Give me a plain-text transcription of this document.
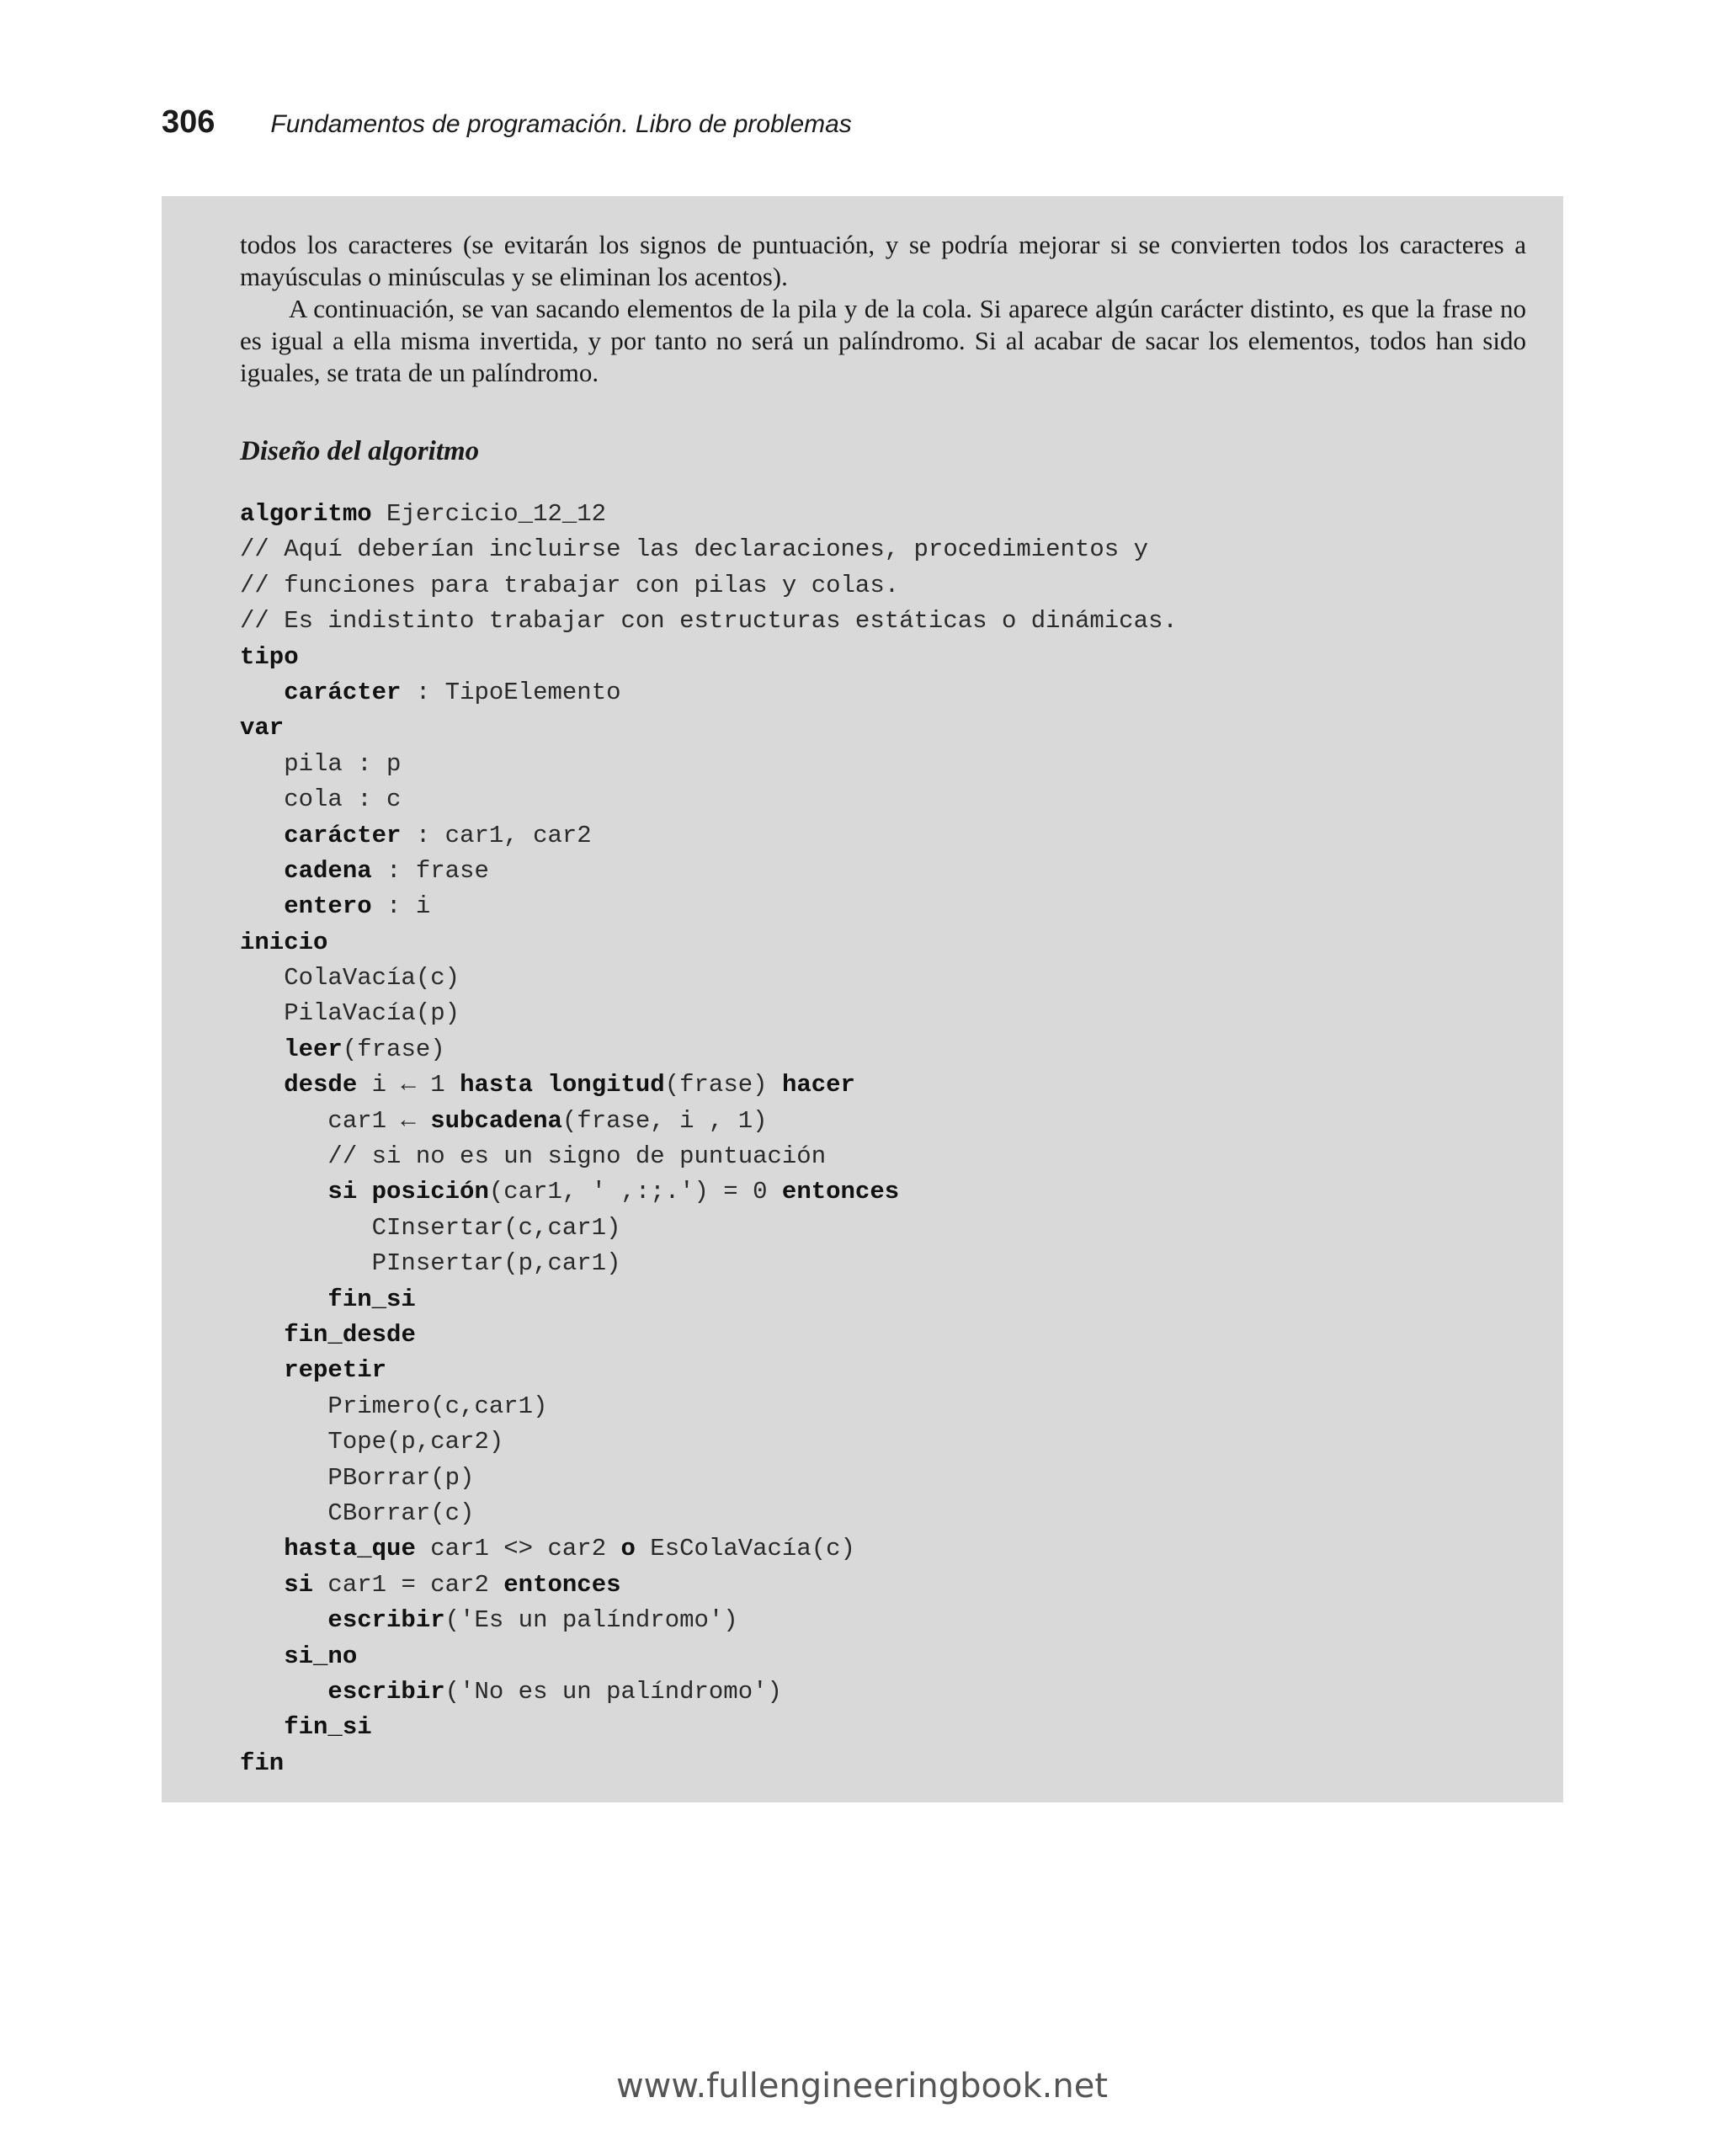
306 Fundamentos de programación. Libro de problemas

todos los caracteres (se evitarán los signos de puntuación, y se podría mejorar si se convierten todos los caracteres a mayúsculas o minúsculas y se eliminan los acentos).

A continuación, se van sacando elementos de la pila y de la cola. Si aparece algún carácter distinto, es que la frase no es igual a ella misma invertida, y por tanto no será un palíndromo. Si al acabar de sacar los elementos, todos han sido iguales, se trata de un palíndromo.

Diseño del algoritmo
algoritmo Ejercicio_12_12
// Aquí deberían incluirse las declaraciones, procedimientos y
// funciones para trabajar con pilas y colas.
// Es indistinto trabajar con estructuras estáticas o dinámicas.
tipo
carácter : TipoElemento
var
pila : p
cola : c
carácter : car1, car2
cadena : frase
entero : i
inicio
ColaVacía(c)
PilaVacía(p)
leer(frase)
desde i ← 1 hasta longitud(frase) hacer
car1 ← subcadena(frase, i , 1)
// si no es un signo de puntuación
si posición(car1, ' ,:;.') = 0 entonces
CInsertar(c,car1)
PInsertar(p,car1)
fin_si
fin_desde
repetir
Primero(c,car1)
Tope(p,car2)
PBorrar(p)
CBorrar(c)
hasta_que car1 <> car2 o EsColaVacía(c)
si car1 = car2 entonces
escribir('Es un palíndromo')
si_no
escribir('No es un palíndromo')
fin_si
fin
www.fullengineeringbook.net
